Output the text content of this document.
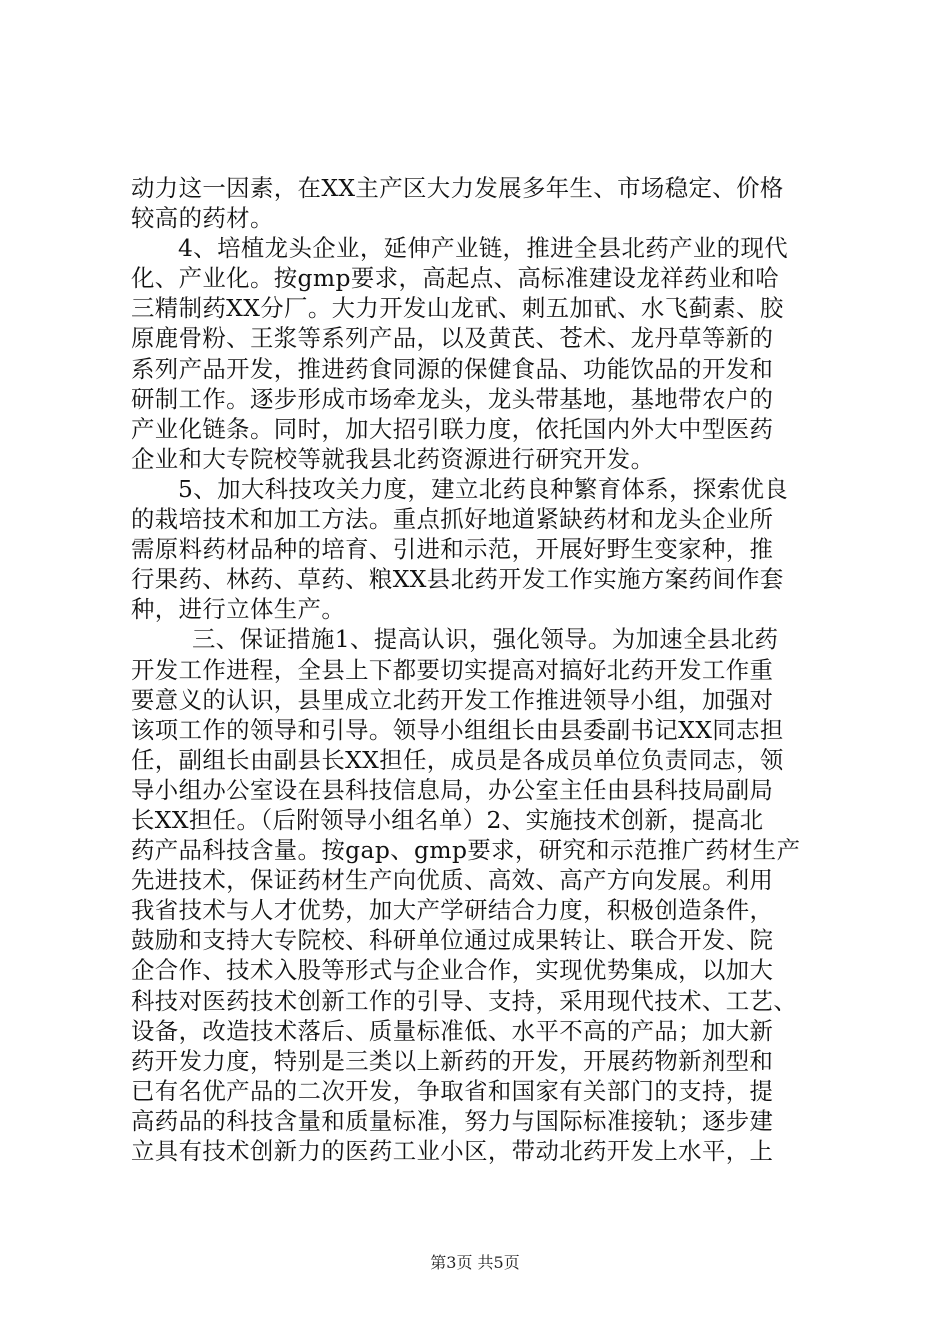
动力这一因素，在XX主产区大力发展多年生、市场稳定、价格
较高的药材。
4、培植龙头企业，延伸产业链，推进全县北药产业的现代
化、产业化。按gmp要求，高起点、高标准建设龙祥药业和哈
三精制药XX分厂。大力开发山龙甙、刺五加甙、水飞蓟素、胶
原鹿骨粉、王浆等系列产品，以及黄芪、苍术、龙丹草等新的
系列产品开发，推进药食同源的保健食品、功能饮品的开发和
研制工作。逐步形成市场牵龙头，龙头带基地，基地带农户的
产业化链条。同时，加大招引联力度，依托国内外大中型医药
企业和大专院校等就我县北药资源进行研究开发。
5、加大科技攻关力度，建立北药良种繁育体系，探索优良
的栽培技术和加工方法。重点抓好地道紧缺药材和龙头企业所
需原料药材品种的培育、引进和示范，开展好野生变家种，推
行果药、林药、草药、粮XX县北药开发工作实施方案药间作套
种，进行立体生产。
三、保证措施1、提高认识，强化领导。为加速全县北药
开发工作进程，全县上下都要切实提高对搞好北药开发工作重
要意义的认识，县里成立北药开发工作推进领导小组，加强对
该项工作的领导和引导。领导小组组长由县委副书记XX同志担
任，副组长由副县长XX担任，成员是各成员单位负责同志，领
导小组办公室设在县科技信息局，办公室主任由县科技局副局
长XX担任。（后附领导小组名单）2、实施技术创新，提高北
药产品科技含量。按gap、gmp要求，研究和示范推广药材生产
先进技术，保证药材生产向优质、高效、高产方向发展。利用
我省技术与人才优势，加大产学研结合力度，积极创造条件，
鼓励和支持大专院校、科研单位通过成果转让、联合开发、院
企合作、技术入股等形式与企业合作，实现优势集成，以加大
科技对医药技术创新工作的引导、支持，采用现代技术、工艺、
设备，改造技术落后、质量标准低、水平不高的产品；加大新
药开发力度，特别是三类以上新药的开发，开展药物新剂型和
已有名优产品的二次开发，争取省和国家有关部门的支持，提
高药品的科技含量和质量标准，努力与国际标准接轨；逐步建
立具有技术创新力的医药工业小区，带动北药开发上水平，上
第3页 共5页
